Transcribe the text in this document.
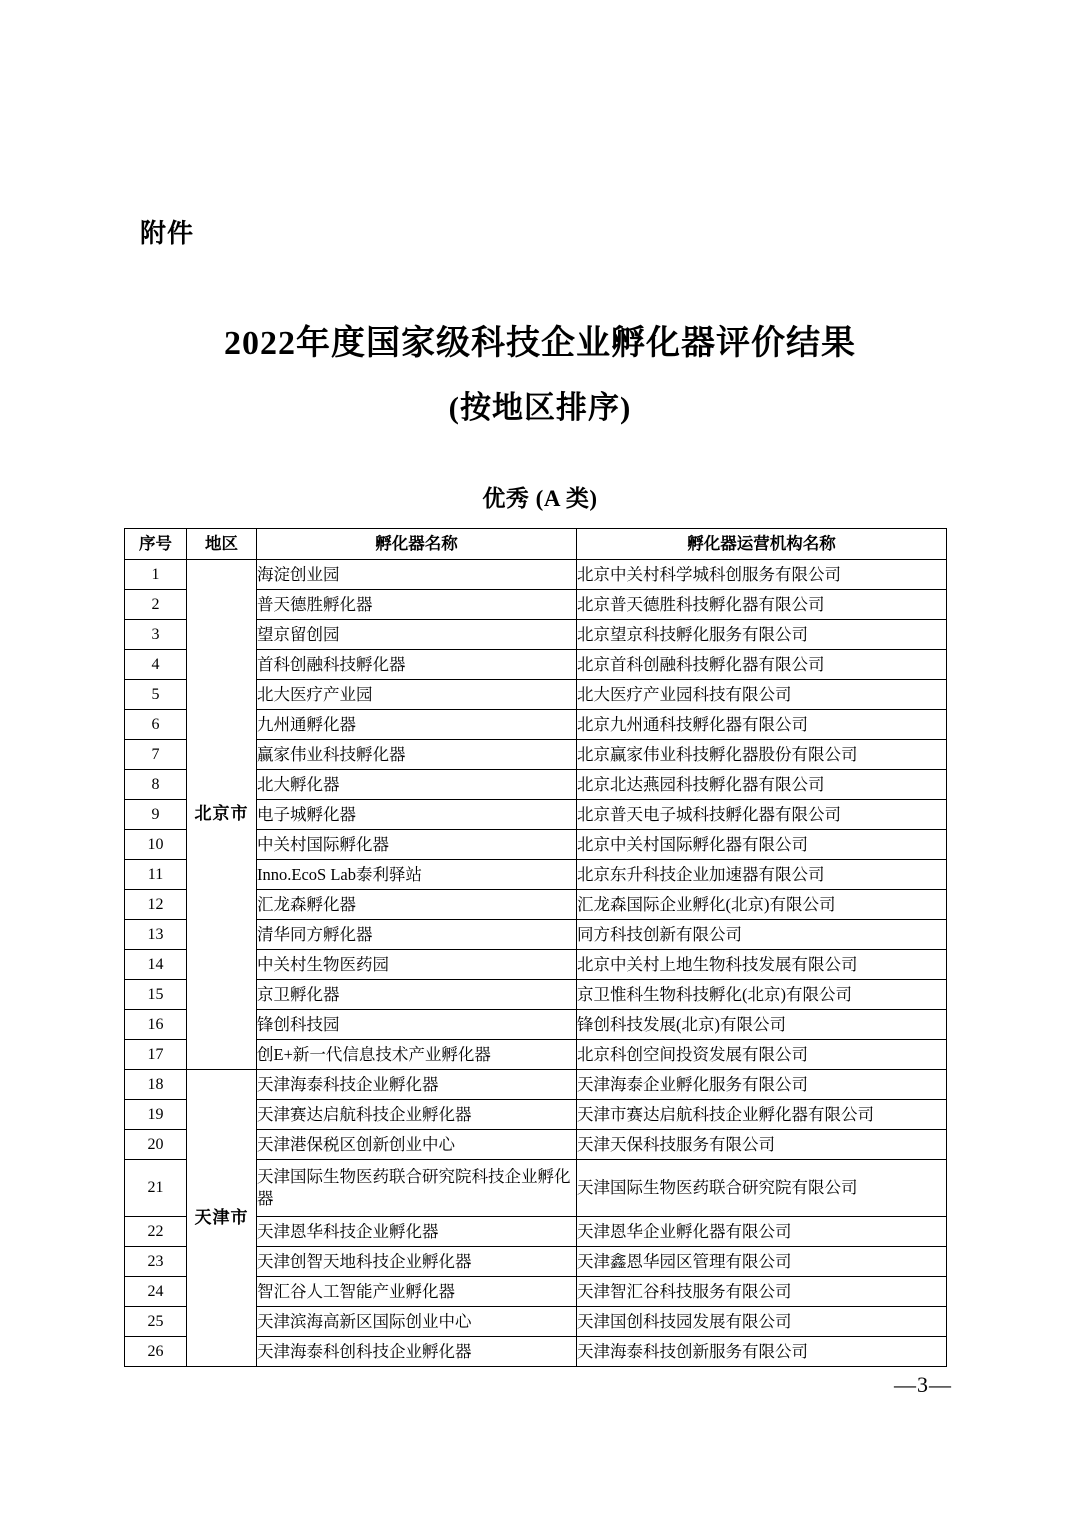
附件
2022年度国家级科技企业孵化器评价结果
(按地区排序)
优秀 (A 类)
序号	地区	孵化器名称	孵化器运营机构名称
1	北京市	海淀创业园	北京中关村科学城科创服务有限公司
2		普天德胜孵化器	北京普天德胜科技孵化器有限公司
3		望京留创园	北京望京科技孵化服务有限公司
4		首科创融科技孵化器	北京首科创融科技孵化器有限公司
5		北大医疗产业园	北大医疗产业园科技有限公司
6		九州通孵化器	北京九州通科技孵化器有限公司
7		赢家伟业科技孵化器	北京赢家伟业科技孵化器股份有限公司
8		北大孵化器	北京北达燕园科技孵化器有限公司
9		电子城孵化器	北京普天电子城科技孵化器有限公司
10		中关村国际孵化器	北京中关村国际孵化器有限公司
11		Inno.EcoS Lab泰利驿站	北京东升科技企业加速器有限公司
12		汇龙森孵化器	汇龙森国际企业孵化(北京)有限公司
13		清华同方孵化器	同方科技创新有限公司
14		中关村生物医药园	北京中关村上地生物科技发展有限公司
15		京卫孵化器	京卫惟科生物科技孵化(北京)有限公司
16		锋创科技园	锋创科技发展(北京)有限公司
17		创E+新一代信息技术产业孵化器	北京科创空间投资发展有限公司
18	天津市	天津海泰科技企业孵化器	天津海泰企业孵化服务有限公司
19		天津赛达启航科技企业孵化器	天津市赛达启航科技企业孵化器有限公司
20		天津港保税区创新创业中心	天津天保科技服务有限公司
21		天津国际生物医药联合研究院科技企业孵化器	天津国际生物医药联合研究院有限公司
22		天津恩华科技企业孵化器	天津恩华企业孵化器有限公司
23		天津创智天地科技企业孵化器	天津鑫恩华园区管理有限公司
24		智汇谷人工智能产业孵化器	天津智汇谷科技服务有限公司
25		天津滨海高新区国际创业中心	天津国创科技园发展有限公司
26		天津海泰科创科技企业孵化器	天津海泰科技创新服务有限公司
—3—
